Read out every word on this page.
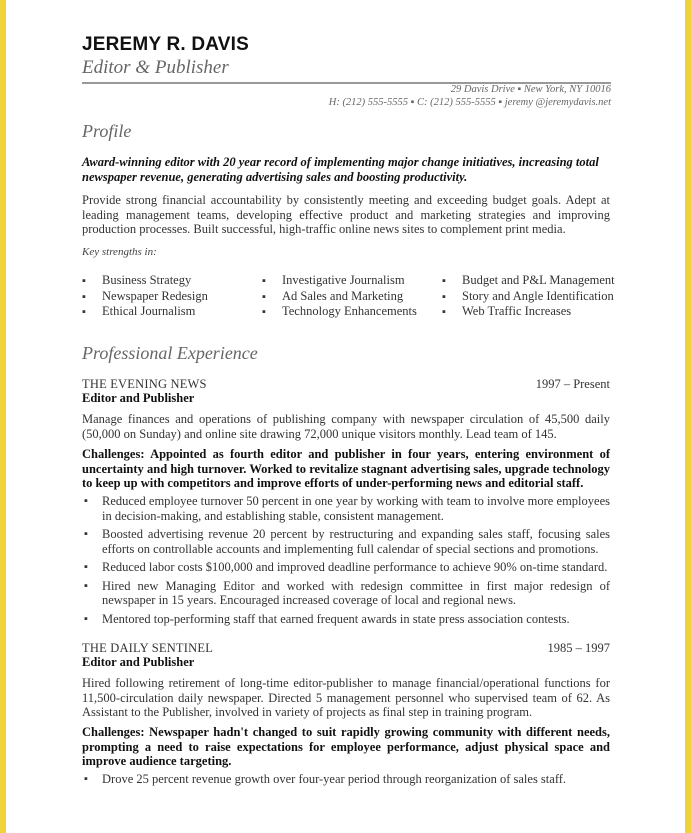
JEREMY R. DAVIS
Editor & Publisher
29 Davis Drive ▪ New York, NY 10016
H: (212) 555-5555 ▪ C: (212) 555-5555 ▪ jeremy @jeremydavis.net
Profile
Award-winning editor with 20 year record of implementing major change initiatives, increasing total newspaper revenue, generating advertising sales and boosting productivity.
Provide strong financial accountability by consistently meeting and exceeding budget goals. Adept at leading management teams, developing effective product and marketing strategies and improving production processes. Built successful, high-traffic online news sites to complement print media.
Key strengths in:
▪ Business Strategy
▪ Newspaper Redesign
▪ Ethical Journalism
▪ Investigative Journalism
▪ Ad Sales and Marketing
▪ Technology Enhancements
▪ Budget and P&L Management
▪ Story and Angle Identification
▪ Web Traffic Increases
Professional Experience
THE EVENING NEWS	1997 – Present
Editor and Publisher
Manage finances and operations of publishing company with newspaper circulation of 45,500 daily (50,000 on Sunday) and online site drawing 72,000 unique visitors monthly. Lead team of 145.
Challenges: Appointed as fourth editor and publisher in four years, entering environment of uncertainty and high turnover. Worked to revitalize stagnant advertising sales, upgrade technology to keep up with competitors and improve efforts of under-performing news and editorial staff.
▪ Reduced employee turnover 50 percent in one year by working with team to involve more employees in decision-making, and establishing stable, consistent management.
▪ Boosted advertising revenue 20 percent by restructuring and expanding sales staff, focusing sales efforts on controllable accounts and implementing full calendar of special sections and promotions.
▪ Reduced labor costs $100,000 and improved deadline performance to achieve 90% on-time standard.
▪ Hired new Managing Editor and worked with redesign committee in first major redesign of newspaper in 15 years. Encouraged increased coverage of local and regional news.
▪ Mentored top-performing staff that earned frequent awards in state press association contests.
THE DAILY SENTINEL	1985 – 1997
Editor and Publisher
Hired following retirement of long-time editor-publisher to manage financial/operational functions for 11,500-circulation daily newspaper. Directed 5 management personnel who supervised team of 62. As Assistant to the Publisher, involved in variety of projects as final step in training program.
Challenges: Newspaper hadn't changed to suit rapidly growing community with different needs, prompting a need to raise expectations for employee performance, adjust physical space and improve audience targeting.
▪ Drove 25 percent revenue growth over four-year period through reorganization of sales staff.
